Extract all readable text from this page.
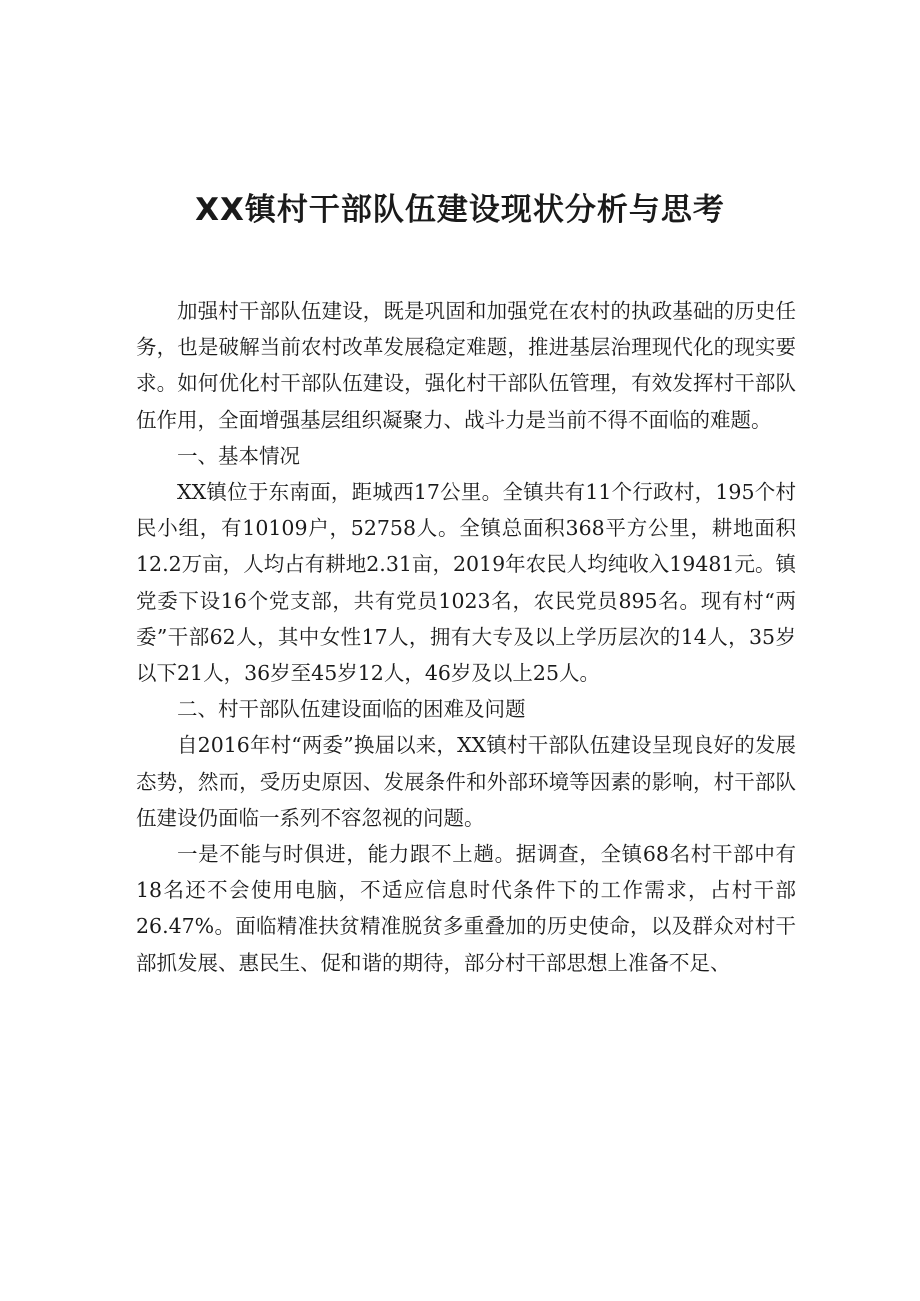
XX镇村干部队伍建设现状分析与思考

加强村干部队伍建设，既是巩固和加强党在农村的执政基础的历史任务，也是破解当前农村改革发展稳定难题，推进基层治理现代化的现实要求。如何优化村干部队伍建设，强化村干部队伍管理，有效发挥村干部队伍作用，全面增强基层组织凝聚力、战斗力是当前不得不面临的难题。

一、基本情况

XX镇位于东南面，距城西17公里。全镇共有11个行政村，195个村民小组，有10109户，52758人。全镇总面积368平方公里，耕地面积12.2万亩，人均占有耕地2.31亩，2019年农民人均纯收入19481元。镇党委下设16个党支部，共有党员1023名，农民党员895名。现有村“两委”干部62人，其中女性17人，拥有大专及以上学历层次的14人，35岁以下21人，36岁至45岁12人，46岁及以上25人。

二、村干部队伍建设面临的困难及问题

自2016年村“两委”换届以来，XX镇村干部队伍建设呈现良好的发展态势，然而，受历史原因、发展条件和外部环境等因素的影响，村干部队伍建设仍面临一系列不容忽视的问题。

一是不能与时俱进，能力跟不上趟。据调查，全镇68名村干部中有18名还不会使用电脑，不适应信息时代条件下的工作需求，占村干部26.47%。面临精准扶贫精准脱贫多重叠加的历史使命，以及群众对村干部抓发展、惠民生、促和谐的期待，部分村干部思想上准备不足、
